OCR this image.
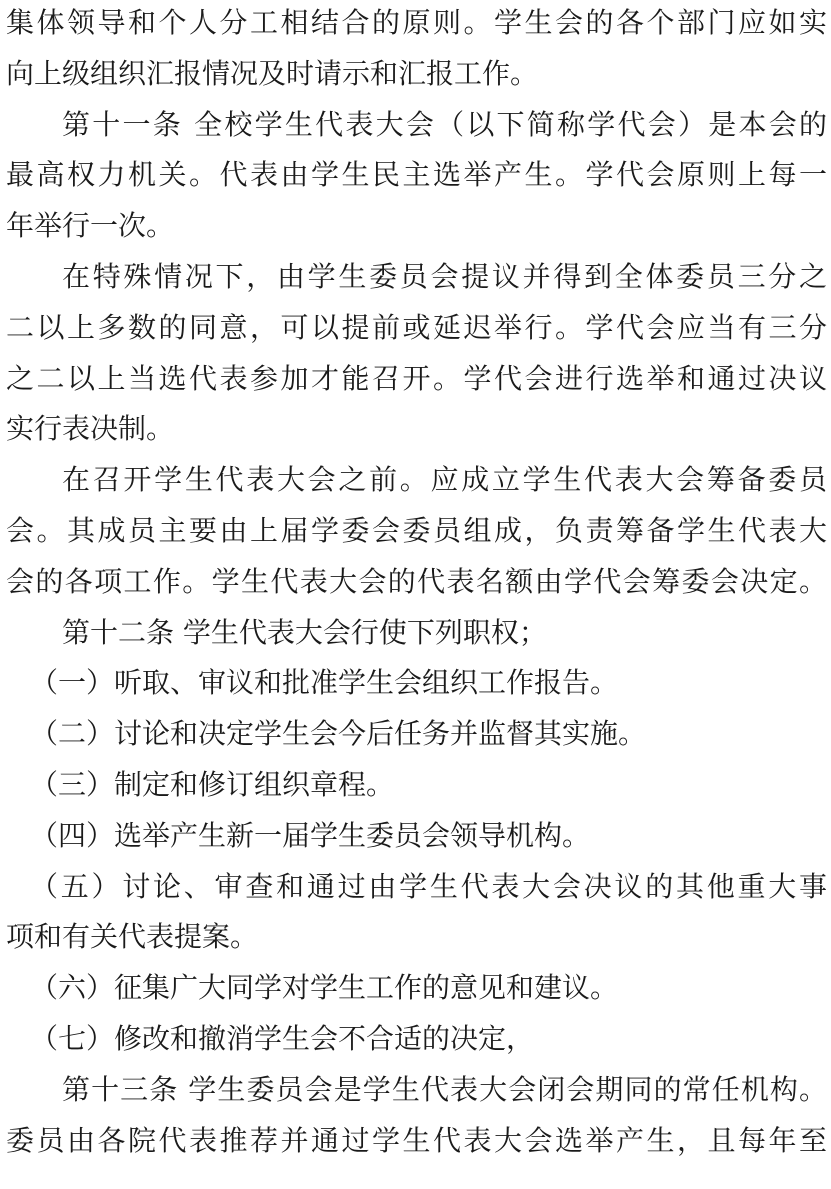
集体领导和个人分工相结合的原则。学生会的各个部门应如实
向上级组织汇报情况及时请示和汇报工作。
第十一条 全校学生代表大会（以下简称学代会）是本会的
最高权力机关。代表由学生民主选举产生。学代会原则上每一
年举行一次。
在特殊情况下，由学生委员会提议并得到全体委员三分之
二以上多数的同意，可以提前或延迟举行。学代会应当有三分
之二以上当选代表参加才能召开。学代会进行选举和通过决议
实行表决制。
在召开学生代表大会之前。应成立学生代表大会筹备委员
会。其成员主要由上届学委会委员组成，负责筹备学生代表大
会的各项工作。学生代表大会的代表名额由学代会筹委会决定。
第十二条 学生代表大会行使下列职权；
（一）听取、审议和批准学生会组织工作报告。
（二）讨论和决定学生会今后任务并监督其实施。
（三）制定和修订组织章程。
（四）选举产生新一届学生委员会领导机构。
（五）讨论、审查和通过由学生代表大会决议的其他重大事
项和有关代表提案。
（六）征集广大同学对学生工作的意见和建议。
（七）修改和撤消学生会不合适的决定，
第十三条 学生委员会是学生代表大会闭会期同的常任机构。
委员由各院代表推荐并通过学生代表大会选举产生，且每年至
